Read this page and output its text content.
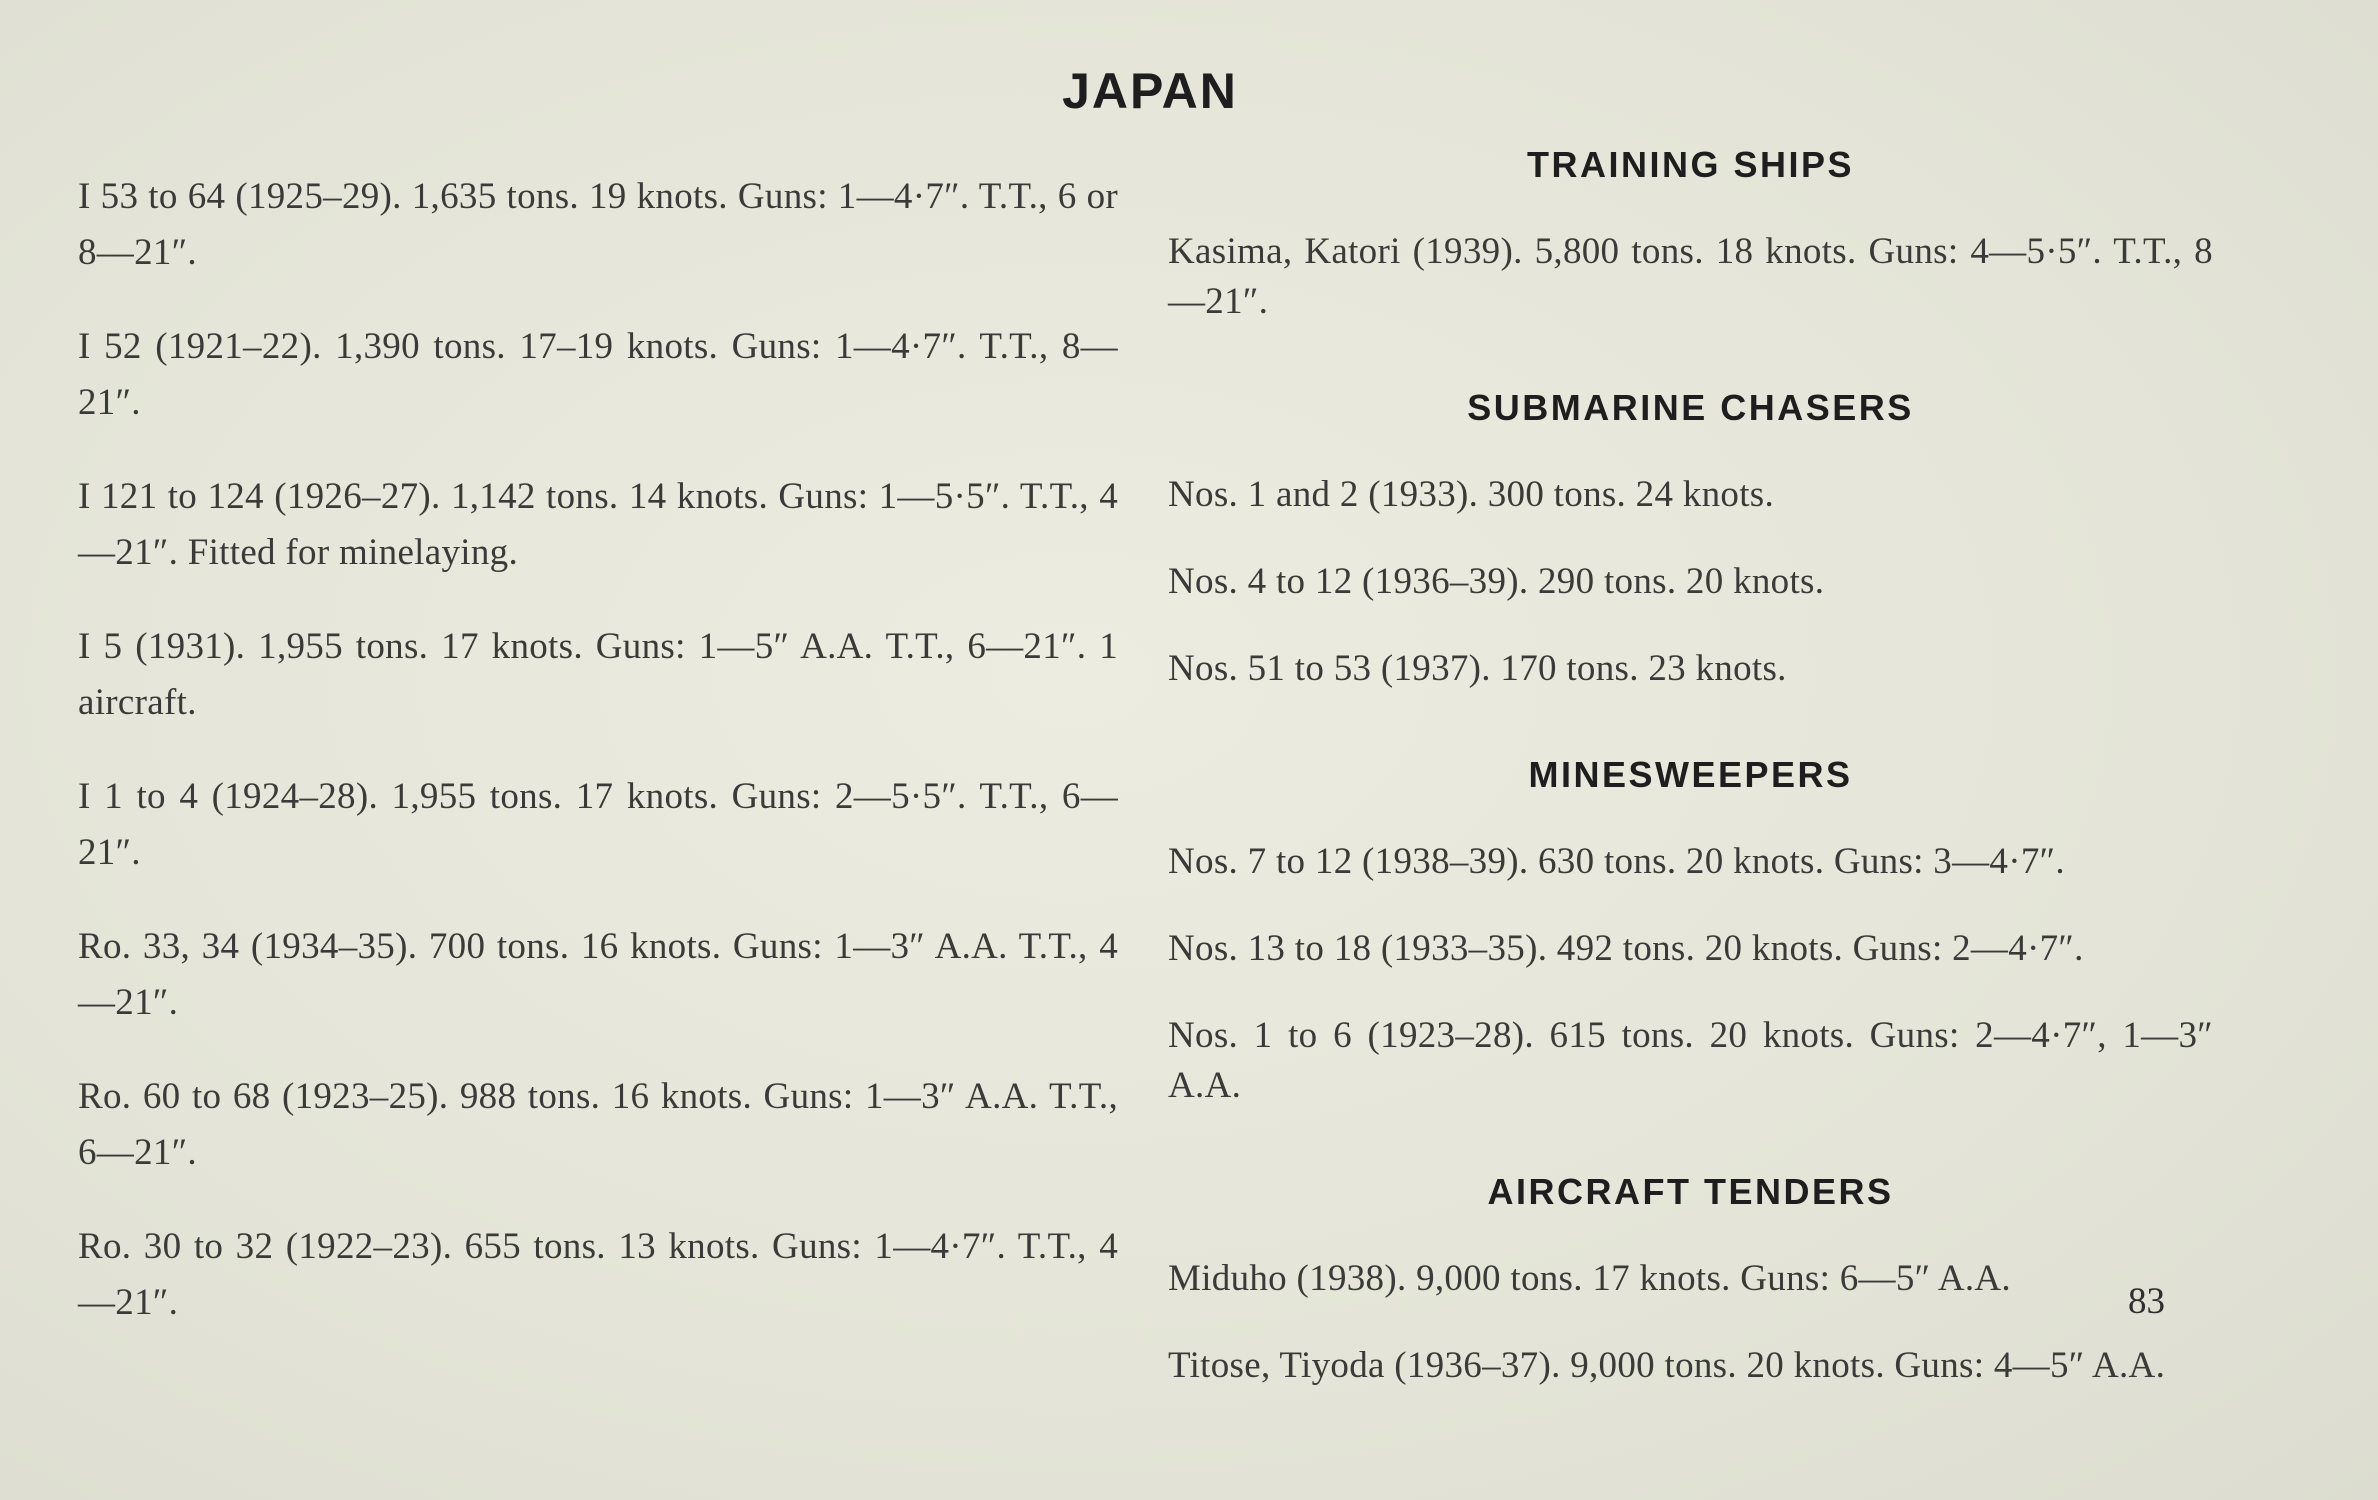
JAPAN

I 53 to 64 (1925–29). 1,635 tons. 19 knots. Guns: 1—4·7″. T.T., 6 or 8—21″.

I 52 (1921–22). 1,390 tons. 17–19 knots. Guns: 1—4·7″. T.T., 8—21″.

I 121 to 124 (1926–27). 1,142 tons. 14 knots. Guns: 1—5·5″. T.T., 4—21″. Fitted for minelaying.

I 5 (1931). 1,955 tons. 17 knots. Guns: 1—5″ A.A. T.T., 6—21″. 1 aircraft.

I 1 to 4 (1924–28). 1,955 tons. 17 knots. Guns: 2—5·5″. T.T., 6—21″.

Ro. 33, 34 (1934–35). 700 tons. 16 knots. Guns: 1—3″ A.A. T.T., 4—21″.

Ro. 60 to 68 (1923–25). 988 tons. 16 knots. Guns: 1—3″ A.A. T.T., 6—21″.

Ro. 30 to 32 (1922–23). 655 tons. 13 knots. Guns: 1—4·7″. T.T., 4—21″.

TRAINING SHIPS

Kasima, Katori (1939). 5,800 tons. 18 knots. Guns: 4—5·5″. T.T., 8—21″.

SUBMARINE CHASERS

Nos. 1 and 2 (1933). 300 tons. 24 knots.

Nos. 4 to 12 (1936–39). 290 tons. 20 knots.

Nos. 51 to 53 (1937). 170 tons. 23 knots.

MINESWEEPERS

Nos. 7 to 12 (1938–39). 630 tons. 20 knots. Guns: 3—4·7″.

Nos. 13 to 18 (1933–35). 492 tons. 20 knots. Guns: 2—4·7″.

Nos. 1 to 6 (1923–28). 615 tons. 20 knots. Guns: 2—4·7″, 1—3″ A.A.

AIRCRAFT TENDERS

Miduho (1938). 9,000 tons. 17 knots. Guns: 6—5″ A.A.

Titose, Tiyoda (1936–37). 9,000 tons. 20 knots. Guns: 4—5″ A.A.

83
